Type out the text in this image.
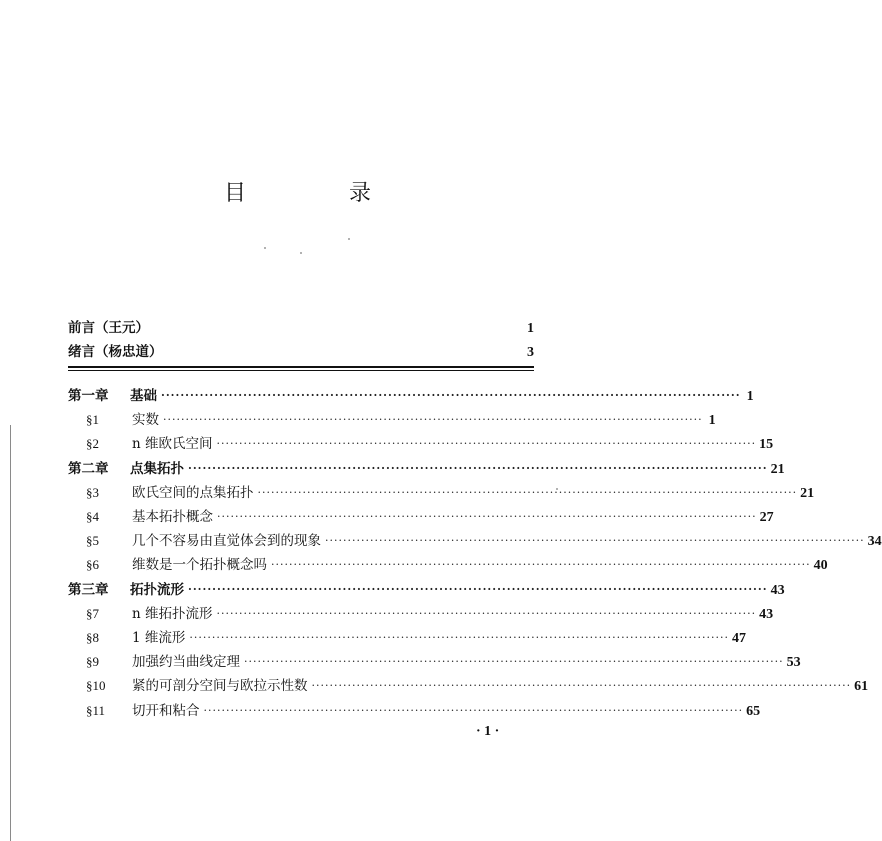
目 录
前言（王元）	1
绪言（杨忠道）	3
第一章	基础 ························································································································ 1
§1	实数 ························································································································ 1
§2	n 维欧氏空间 ························································································································ 15
第二章	点集拓扑 ························································································································ 21
§3	欧氏空间的点集拓扑 ························································································································ 21
§4	基本拓扑概念 ························································································································ 27
§5	几个不容易由直觉体会到的现象 ························································································································ 34
§6	维数是一个拓扑概念吗 ························································································································ 40
第三章	拓扑流形 ························································································································ 43
§7	n 维拓扑流形 ························································································································ 43
§8	1 维流形 ························································································································ 47
§9	加强约当曲线定理 ························································································································ 53
§10	紧的可剖分空间与欧拉示性数 ························································································································ 61
§11	切开和粘合 ························································································································ 65
· 1 ·
